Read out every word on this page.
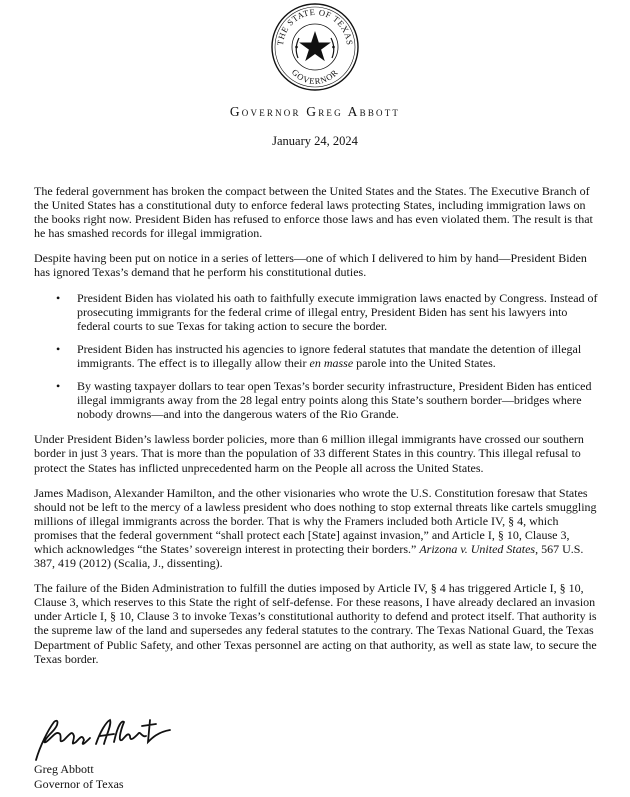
THE STATE OF TEXAS
GOVERNOR
Governor Greg Abbott
January 24, 2024

The federal government has broken the compact between the United States and the States. The Executive Branch of the United States has a constitutional duty to enforce federal laws protecting States, including immigration laws on the books right now. President Biden has refused to enforce those laws and has even violated them. The result is that he has smashed records for illegal immigration.

Despite having been put on notice in a series of letters—one of which I delivered to him by hand—President Biden has ignored Texas’s demand that he perform his constitutional duties.

• President Biden has violated his oath to faithfully execute immigration laws enacted by Congress. Instead of prosecuting immigrants for the federal crime of illegal entry, President Biden has sent his lawyers into federal courts to sue Texas for taking action to secure the border.
• President Biden has instructed his agencies to ignore federal statutes that mandate the detention of illegal immigrants. The effect is to illegally allow their en masse parole into the United States.
• By wasting taxpayer dollars to tear open Texas’s border security infrastructure, President Biden has enticed illegal immigrants away from the 28 legal entry points along this State’s southern border—bridges where nobody drowns—and into the dangerous waters of the Rio Grande.

Under President Biden’s lawless border policies, more than 6 million illegal immigrants have crossed our southern border in just 3 years. That is more than the population of 33 different States in this country. This illegal refusal to protect the States has inflicted unprecedented harm on the People all across the United States.

James Madison, Alexander Hamilton, and the other visionaries who wrote the U.S. Constitution foresaw that States should not be left to the mercy of a lawless president who does nothing to stop external threats like cartels smuggling millions of illegal immigrants across the border. That is why the Framers included both Article IV, § 4, which promises that the federal government “shall protect each [State] against invasion,” and Article I, § 10, Clause 3, which acknowledges “the States’ sovereign interest in protecting their borders.” Arizona v. United States, 567 U.S. 387, 419 (2012) (Scalia, J., dissenting).

The failure of the Biden Administration to fulfill the duties imposed by Article IV, § 4 has triggered Article I, § 10, Clause 3, which reserves to this State the right of self-defense. For these reasons, I have already declared an invasion under Article I, § 10, Clause 3 to invoke Texas’s constitutional authority to defend and protect itself. That authority is the supreme law of the land and supersedes any federal statutes to the contrary. The Texas National Guard, the Texas Department of Public Safety, and other Texas personnel are acting on that authority, as well as state law, to secure the Texas border.

Greg Abbott
Governor of Texas
